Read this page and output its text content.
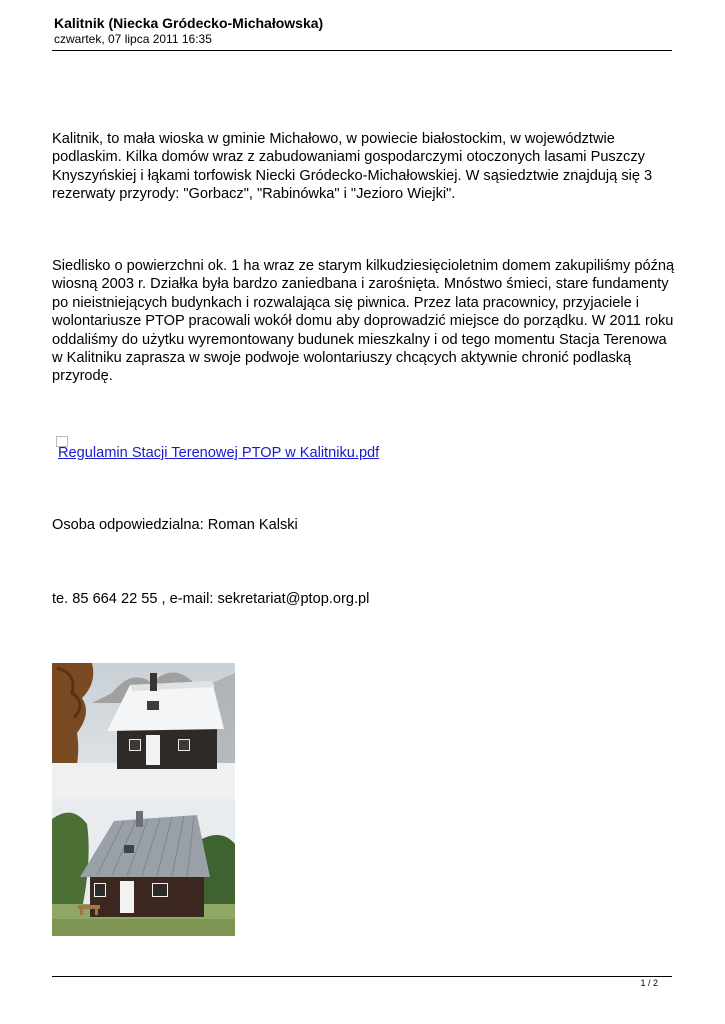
Kalitnik (Niecka Gródecko-Michałowska)
czwartek, 07 lipca 2011 16:35

Kalitnik, to mała wioska w gminie Michałowo, w powiecie białostockim, w województwie podlaskim. Kilka domów wraz z zabudowaniami gospodarczymi otoczonych lasami Puszczy Knyszyńskiej i łąkami torfowisk Niecki Gródecko-Michałowskiej. W sąsiedztwie znajdują się 3 rezerwaty przyrody: "Gorbacz", "Rabinówka" i "Jezioro Wiejki".

Siedlisko o powierzchni ok. 1 ha wraz ze starym kilkudziesięcioletnim domem zakupiliśmy późną wiosną 2003 r. Działka była bardzo zaniedbana i zarośnięta. Mnóstwo śmieci, stare fundamenty po nieistniejących budynkach i rozwalająca się piwnica. Przez lata pracownicy, przyjaciele i wolontariusze PTOP pracowali wokół domu aby doprowadzić miejsce do porządku. W 2011 roku oddaliśmy do użytku wyremontowany budunek mieszkalny i od tego momentu Stacja Terenowa w Kalitniku zaprasza w swoje podwoje wolontariuszy chcących aktywnie chronić podlaską przyrodę.

Regulamin Stacji Terenowej PTOP w Kalitniku.pdf
Osoba odpowiedzialna: Roman Kalski
te. 85 664 22 55 , e-mail: sekretariat@ptop.org.pl
1 / 2
